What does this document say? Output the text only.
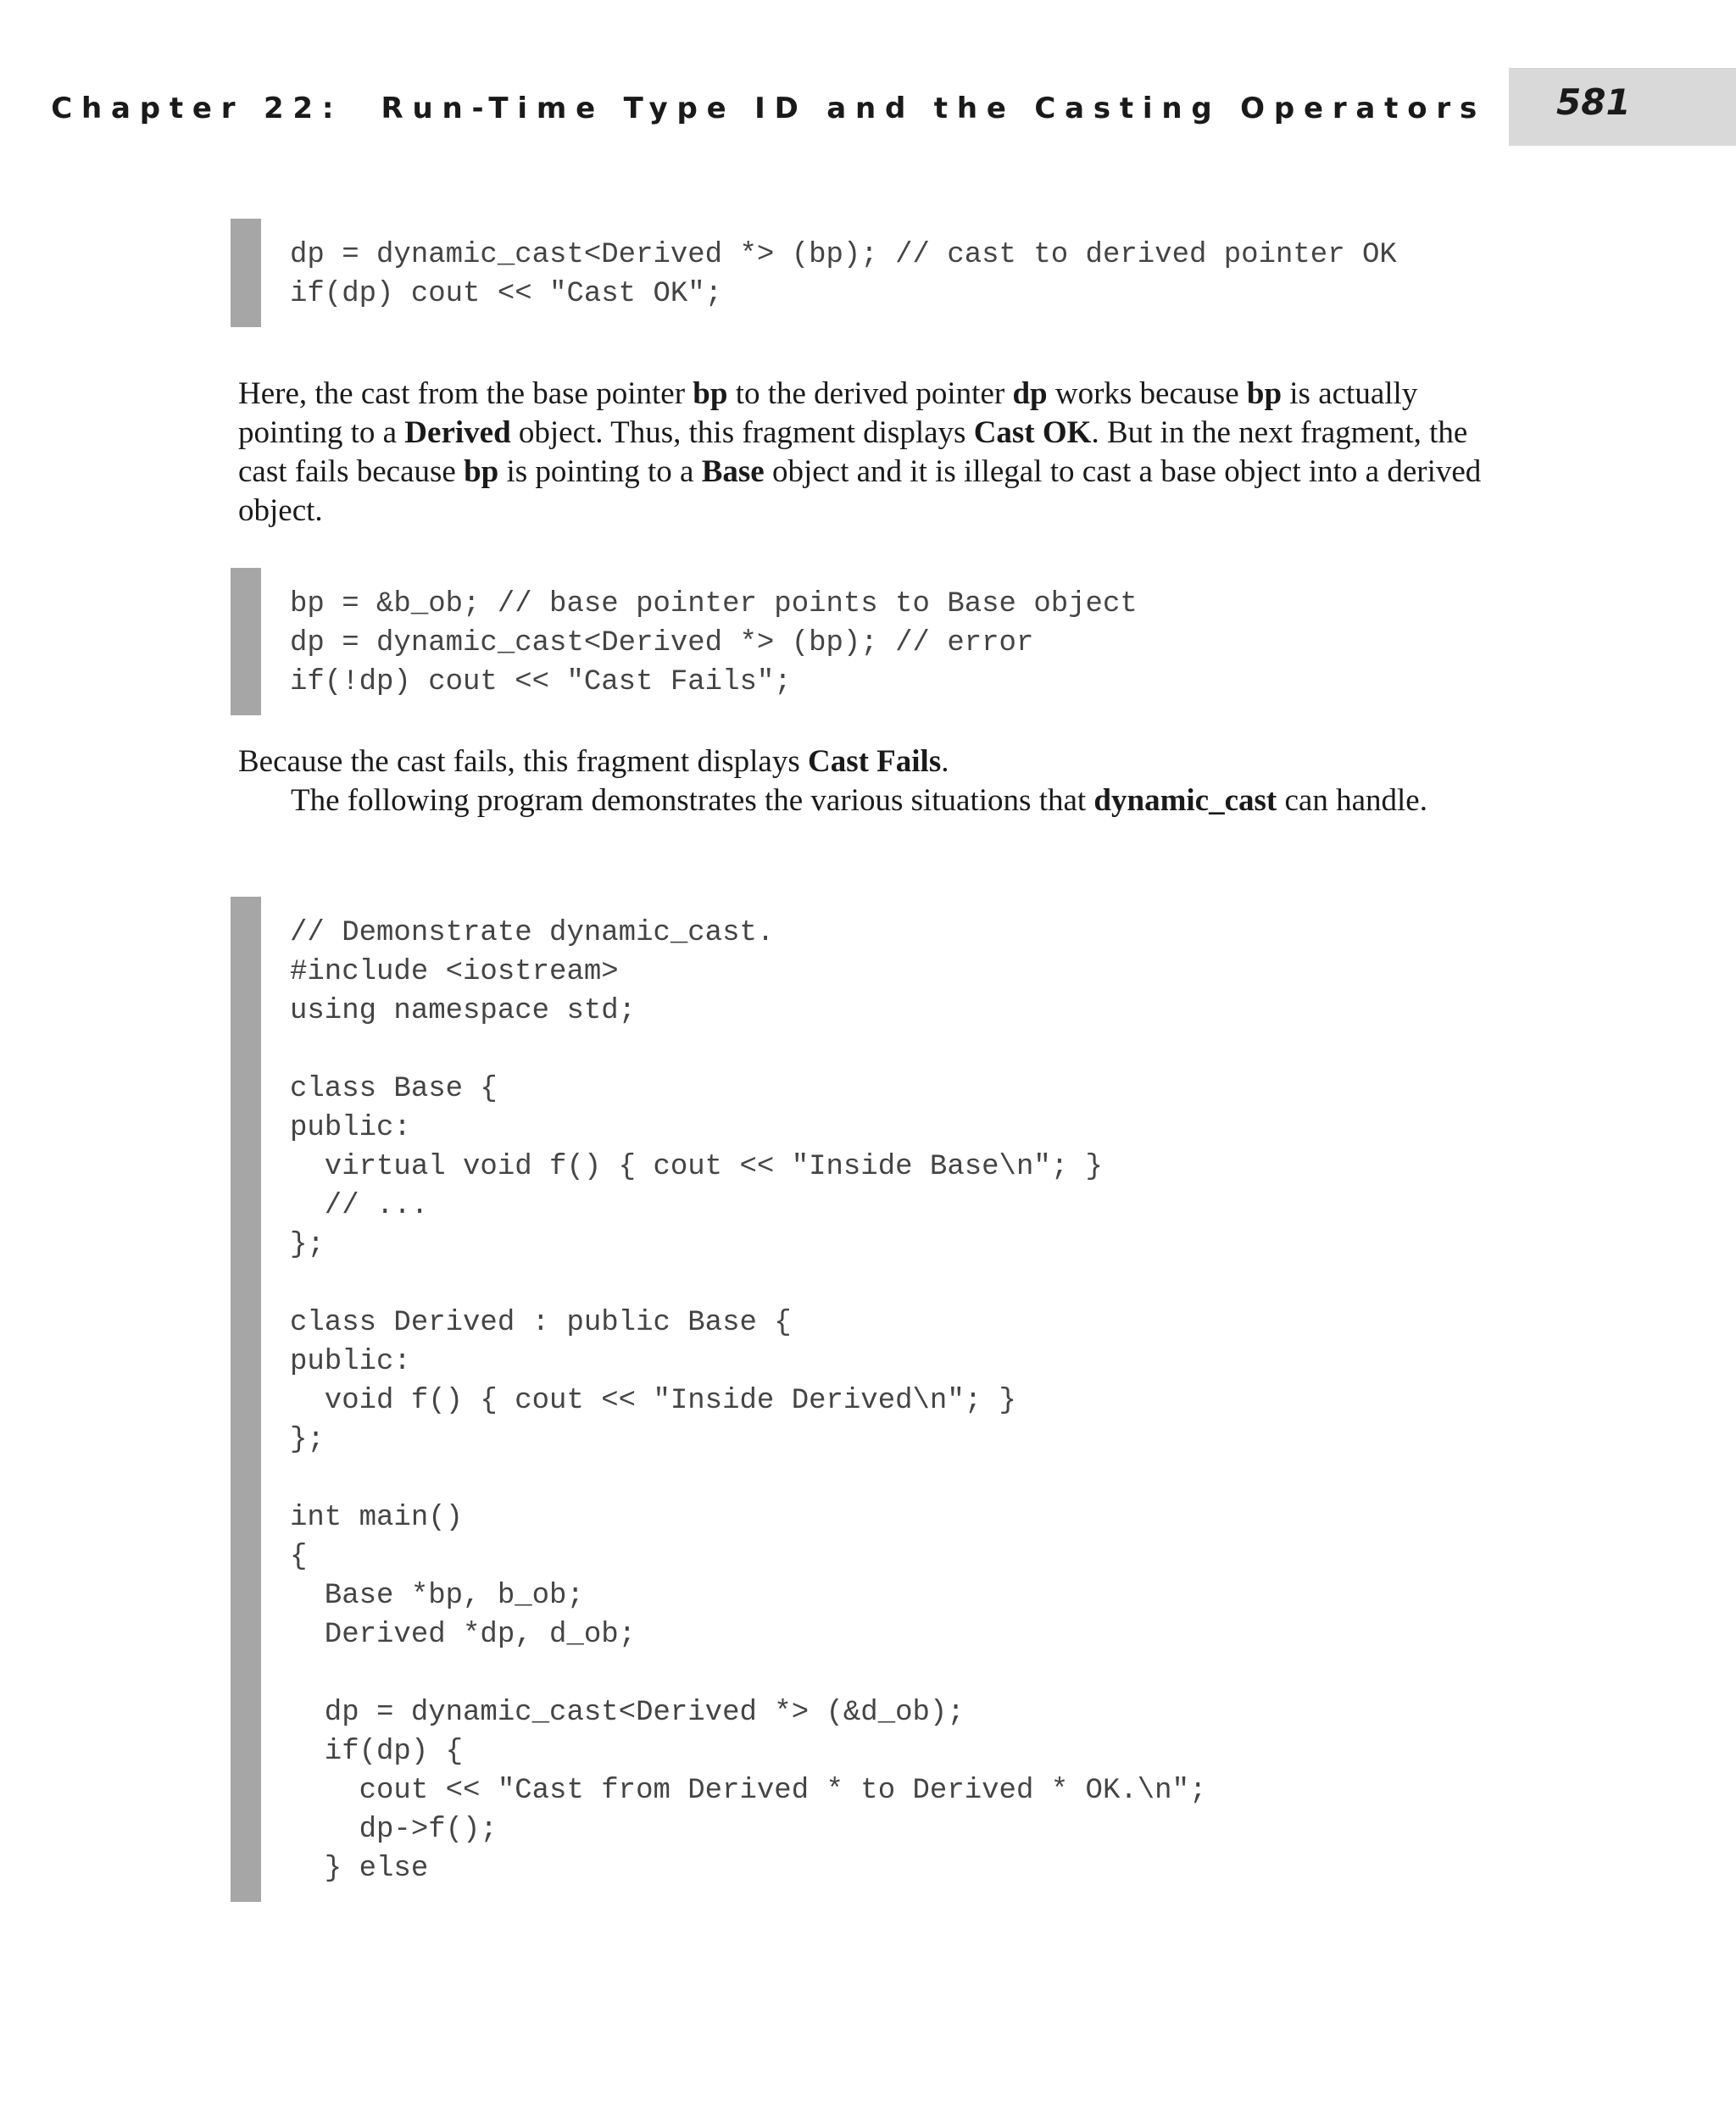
Chapter 22:  Run-Time Type ID and the Casting Operators 581
dp = dynamic_cast<Derived *> (bp); // cast to derived pointer OK
if(dp) cout << "Cast OK";

Here, the cast from the base pointer bp to the derived pointer dp works because bp is actually pointing to a Derived object. Thus, this fragment displays Cast OK. But in the next fragment, the cast fails because bp is pointing to a Base object and it is illegal to cast a base object into a derived object.

bp = &b_ob; // base pointer points to Base object
dp = dynamic_cast<Derived *> (bp); // error
if(!dp) cout << "Cast Fails";

Because the cast fails, this fragment displays Cast Fails.

The following program demonstrates the various situations that dynamic_cast can handle.

// Demonstrate dynamic_cast.
#include <iostream>
using namespace std;
class Base {
public:
virtual void f() { cout << "Inside Base\n"; }
// ...
};
class Derived : public Base {
public:
void f() { cout << "Inside Derived\n"; }
};
int main()
{
Base *bp, b_ob;
Derived *dp, d_ob;
dp = dynamic_cast<Derived *> (&d_ob);
if(dp) {
cout << "Cast from Derived * to Derived * OK.\n";
dp->f();
} else
